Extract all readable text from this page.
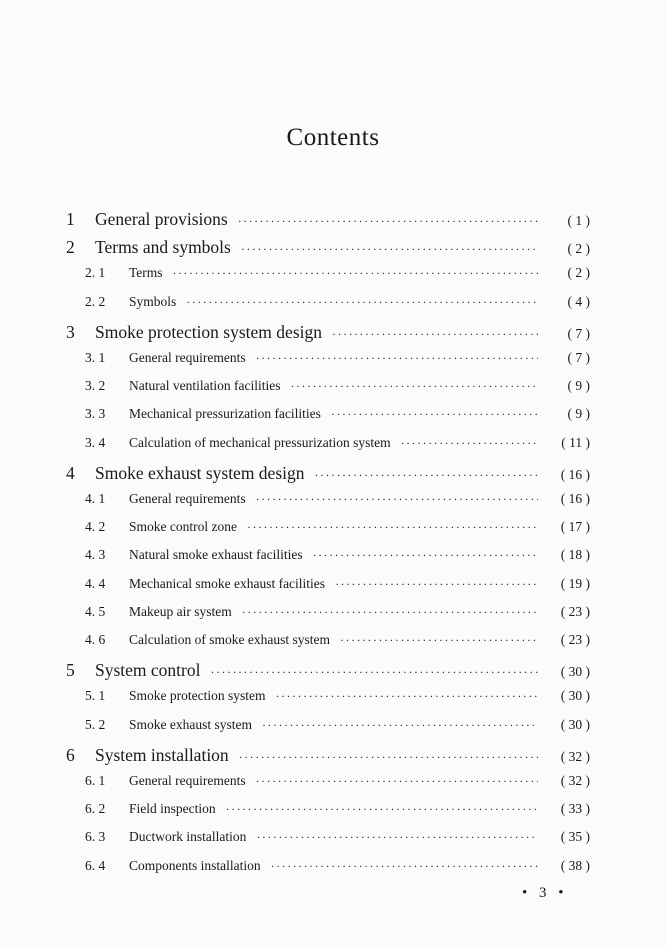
Contents
1	General provisions ·····	( 1 )
2	Terms and symbols ·····	( 2 )
2. 1	Terms ·····	( 2 )
2. 2	Symbols ·····	( 4 )
3	Smoke protection system design ·····	( 7 )
3. 1	General requirements ·····	( 7 )
3. 2	Natural ventilation facilities ·····	( 9 )
3. 3	Mechanical pressurization facilities ·····	( 9 )
3. 4	Calculation of mechanical pressurization system ·····	( 11 )
4	Smoke exhaust system design ·····	( 16 )
4. 1	General requirements ·····	( 16 )
4. 2	Smoke control zone ·····	( 17 )
4. 3	Natural smoke exhaust facilities ·····	( 18 )
4. 4	Mechanical smoke exhaust facilities ·····	( 19 )
4. 5	Makeup air system ·····	( 23 )
4. 6	Calculation of smoke exhaust system ·····	( 23 )
5	System control ·····	( 30 )
5. 1	Smoke protection system ·····	( 30 )
5. 2	Smoke exhaust system ·····	( 30 )
6	System installation ·····	( 32 )
6. 1	General requirements ·····	( 32 )
6. 2	Field inspection ·····	( 33 )
6. 3	Ductwork installation ·····	( 35 )
6. 4	Components installation ·····	( 38 )
• 3 •
